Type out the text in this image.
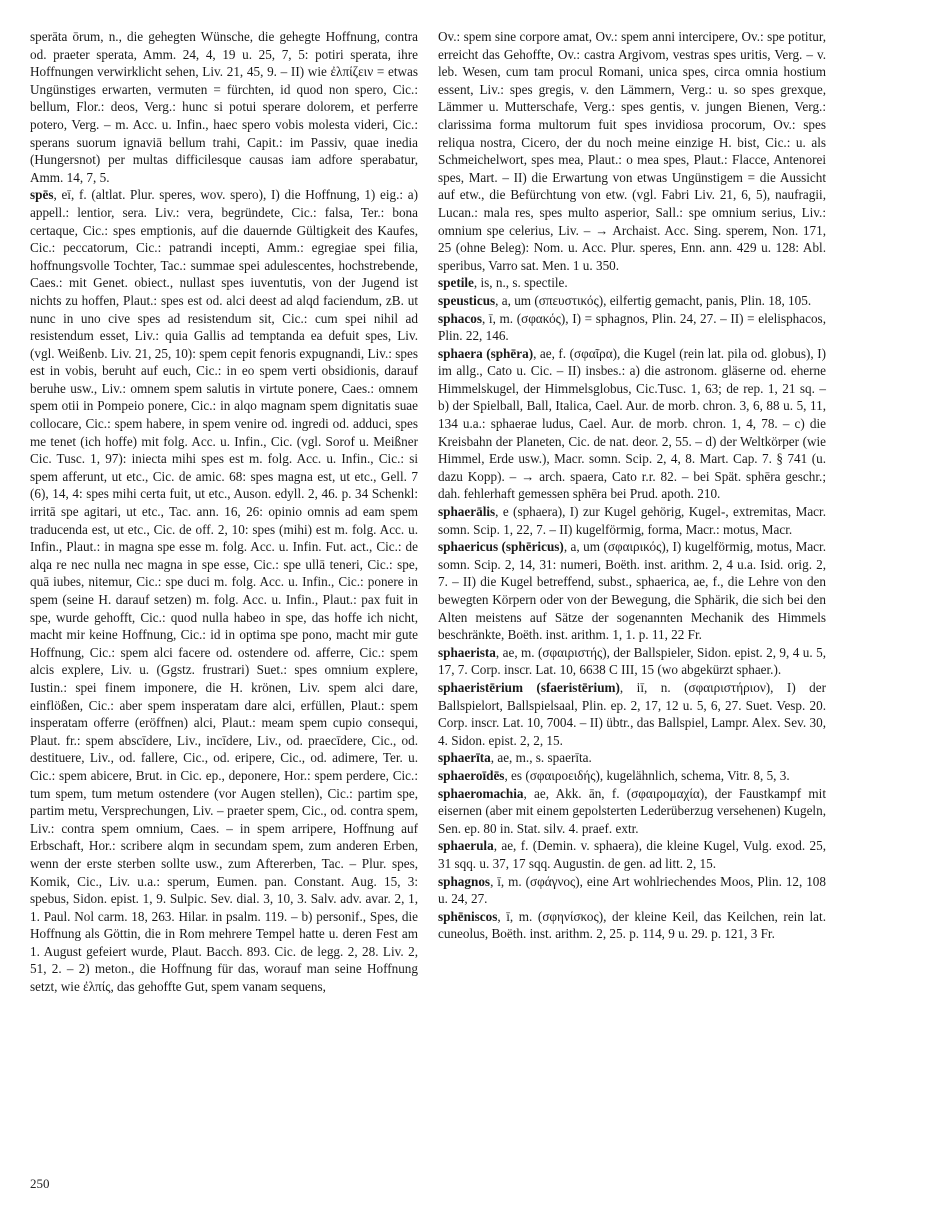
sperāta ōrum, n., die gehegten Wünsche, die gehegte Hoffnung, contra od. praeter sperata, Amm. 24, 4, 19 u. 25, 7, 5: potiri sperata, ihre Hoffnungen verwirklicht sehen, Liv. 21, 45, 9. – II) wie ἐλπίζειν = etwas Ungünstiges erwarten, vermuten = fürchten, id quod non spero, Cic.: bellum, Flor.: deos, Verg.: hunc si potui sperare dolorem, et perferre potero, Verg. – m. Acc. u. Infin., haec spero vobis molesta videri, Cic.: sperans suorum ignaviā bellum trahi, Capit.: im Passiv, quae inedia (Hungersnot) per multas difficilesque causas iam adfore sperabatur, Amm. 14, 7, 5.

spēs, eī, f. (altlat. Plur. speres, wov. spero), I) die Hoffnung, 1) eig.: a) appell.: lentior, sera. Liv.: vera, begründete, Cic.: falsa, Ter.: bona certaque, Cic.: spes emptionis, auf die dauernde Gültigkeit des Kaufes, Cic.: peccatorum, Cic.: patrandi incepti, Amm.: egregiae spei filia, hoffnungsvolle Tochter, Tac.: summae spei adulescentes, hochstrebende, Caes.: mit Genet. obiect., nullast spes iuventutis, von der Jugend ist nichts zu hoffen, Plaut.: spes est od. alci deest ad alqd faciendum, zB. ut nunc in uno cive spes ad resistendum sit, Cic.: cum spei nihil ad resistendum esset, Liv.: quia Gallis ad temptanda ea defuit spes, Liv. (vgl. Weißenb. Liv. 21, 25, 10): spem cepit fenoris expugnandi, Liv.: spes est in vobis, beruht auf euch, Cic.: in eo spem verti obsidionis, darauf beruhe usw., Liv.: omnem spem salutis in virtute ponere, Caes.: omnem spem otii in Pompeio ponere, Cic.: in alqo magnam spem dignitatis suae collocare, Cic.: spem habere, in spem venire od. ingredi od. adduci, spes me tenet (ich hoffe) mit folg. Acc. u. Infin., Cic. (vgl. Sorof u. Meißner Cic. Tusc. 1, 97): iniecta mihi spes est m. folg. Acc. u. Infin., Cic.: si spem afferunt, ut etc., Cic. de amic. 68: spes magna est, ut etc., Gell. 7 (6), 14, 4: spes mihi certa fuit, ut etc., Auson. edyll. 2, 46. p. 34 Schenkl: irritā spe agitari, ut etc., Tac. ann. 16, 26: opinio omnis ad eam spem traducenda est, ut etc., Cic. de off. 2, 10: spes (mihi) est m. folg. Acc. u. Infin., Plaut.: in magna spe esse m. folg. Acc. u. Infin. Fut. act., Cic.: de alqa re nec nulla nec magna in spe esse, Cic.: spe ullā teneri, Cic.: spe, quā iubes, nitemur, Cic.: spe duci m. folg. Acc. u. Infin., Cic.: ponere in spem (seine H. darauf setzen) m. folg. Acc. u. Infin., Plaut.: pax fuit in spe, wurde gehofft, Cic.: quod nulla habeo in spe, das hoffe ich nicht, macht mir keine Hoffnung, Cic.: id in optima spe pono, macht mir gute Hoffnung, Cic.: spem alci facere od. ostendere od. afferre, Cic.: spem alcis explere, Liv. u. (Ggstz. frustrari) Suet.: spes omnium explere, Iustin.: spei finem imponere, die H. krönen, Liv. spem alci dare, einflößen, Cic.: aber spem insperatam dare alci, erfüllen, Plaut.: spem insperatam offerre (eröffnen) alci, Plaut.: meam spem cupio consequi, Plaut. fr.: spem abscīdere, Liv., incīdere, Liv., od. praecīdere, Cic., od. destituere, Liv., od. fallere, Cic., od. eripere, Cic., od. adimere, Ter. u. Cic.: spem abicere, Brut. in Cic. ep., deponere, Hor.: spem perdere, Cic.: tum spem, tum metum ostendere (vor Augen stellen), Cic.: partim spe, partim metu, Versprechungen, Liv. – praeter spem, Cic., od. contra spem, Liv.: contra spem omnium, Caes. – in spem arripere, Hoffnung auf Erbschaft, Hor.: scribere alqm in secundam spem, zum anderen Erben, wenn der erste sterben sollte usw., zum Aftererben, Tac. – Plur. spes, Komik, Cic., Liv. u.a.: sperum, Eumen. pan. Constant. Aug. 15, 3: spebus, Sidon. epist. 1, 9. Sulpic. Sev. dial. 3, 10, 3. Salv. adv. avar. 2, 1, 1. Paul. Nol carm. 18, 263. Hilar. in psalm. 119. – b) personif., Spes, die Hoffnung als Göttin, die in Rom mehrere Tempel hatte u. deren Fest am 1. August gefeiert wurde, Plaut. Bacch. 893. Cic. de legg. 2, 28. Liv. 2, 51, 2. – 2) meton., die Hoffnung für das, worauf man seine Hoffnung setzt, wie ἐλπίς, das gehoffte Gut, spem vanam sequens,

Ov.: spem sine corpore amat, Ov.: spem anni intercipere, Ov.: spe potitur, erreicht das Gehoffte, Ov.: castra Argivom, vestras spes uritis, Verg. – v. leb. Wesen, cum tam procul Romani, unica spes, circa omnia hostium essent, Liv.: spes gregis, v. den Lämmern, Verg.: u. so spes grexque, Lämmer u. Mutterschafe, Verg.: spes gentis, v. jungen Bienen, Verg.: clarissima forma multorum fuit spes invidiosa procorum, Ov.: spes reliqua nostra, Cicero, der du noch meine einzige H. bist, Cic.: u. als Schmeichelwort, spes mea, Plaut.: o mea spes, Plaut.: Flacce, Antenorei spes, Mart. – II) die Erwartung von etwas Ungünstigem = die Aussicht auf etw., die Befürchtung von etw. (vgl. Fabri Liv. 21, 6, 5), naufragii, Lucan.: mala res, spes multo asperior, Sall.: spe omnium serius, Liv.: omnium spe celerius, Liv. – → Archaist. Acc. Sing. sperem, Non. 171, 25 (ohne Beleg): Nom. u. Acc. Plur. speres, Enn. ann. 429 u. 128: Abl. speribus, Varro sat. Men. 1 u. 350.

spetile, is, n., s. spectile.

speusticus, a, um (σπευστικός), eilfertig gemacht, panis, Plin. 18, 105.

sphacos, ī, m. (σφακός), I) = sphagnos, Plin. 24, 27. – II) = elelisphacos, Plin. 22, 146.

sphaera (sphēra), ae, f. (σφαῖρα), die Kugel (rein lat. pila od. globus), I) im allg., Cato u. Cic. – II) insbes.: a) die astronom. gläserne od. eherne Himmelskugel, der Himmelsglobus, Cic.Tusc. 1, 63; de rep. 1, 21 sq. – b) der Spielball, Ball, Italica, Cael. Aur. de morb. chron. 3, 6, 88 u. 5, 11, 134 u.a.: sphaerae ludus, Cael. Aur. de morb. chron. 1, 4, 78. – c) die Kreisbahn der Planeten, Cic. de nat. deor. 2, 55. – d) der Weltkörper (wie Himmel, Erde usw.), Macr. somn. Scip. 2, 4, 8. Mart. Cap. 7. § 741 (u. dazu Kopp). – → arch. spaera, Cato r.r. 82. – bei Spät. sphēra geschr.; dah. fehlerhaft gemessen sphēra bei Prud. apoth. 210.

sphaerālis, e (sphaera), I) zur Kugel gehörig, Kugel-, extremitas, Macr. somn. Scip. 1, 22, 7. – II) kugelförmig, forma, Macr.: motus, Macr.

sphaericus (sphēricus), a, um (σφαιρικός), I) kugelförmig, motus, Macr. somn. Scip. 2, 14, 31: numeri, Boëth. inst. arithm. 2, 4 u.a. Isid. orig. 2, 7. – II) die Kugel betreffend, subst., sphaerica, ae, f., die Lehre von den bewegten Körpern oder von der Bewegung, die Sphärik, die sich bei den Alten meistens auf Sätze der sogenannten Mechanik des Himmels beschränkte, Boëth. inst. arithm. 1, 1. p. 11, 22 Fr.

sphaerista, ae, m. (σφαιριστής), der Ballspieler, Sidon. epist. 2, 9, 4 u. 5, 17, 7. Corp. inscr. Lat. 10, 6638 C III, 15 (wo abgekürzt sphaer.).

sphaeristērium (sfaeristērium), iī, n. (σφαιριστήριον), I) der Ballspielort, Ballspielsaal, Plin. ep. 2, 17, 12 u. 5, 6, 27. Suet. Vesp. 20. Corp. inscr. Lat. 10, 7004. – II) übtr., das Ballspiel, Lampr. Alex. Sev. 30, 4. Sidon. epist. 2, 2, 15.

sphaerīta, ae, m., s. spaerīta.

sphaeroīdēs, es (σφαιροειδής), kugelähnlich, schema, Vitr. 8, 5, 3.

sphaeromachia, ae, Akk. ān, f. (σφαιρομαχία), der Faustkampf mit eisernen (aber mit einem gepolsterten Lederüberzug versehenen) Kugeln, Sen. ep. 80 in. Stat. silv. 4. praef. extr.

sphaerula, ae, f. (Demin. v. sphaera), die kleine Kugel, Vulg. exod. 25, 31 sqq. u. 37, 17 sqq. Augustin. de gen. ad litt. 2, 15.

sphagnos, ī, m. (σφάγνος), eine Art wohlriechendes Moos, Plin. 12, 108 u. 24, 27.

sphēniscos, ī, m. (σφηνίσκος), der kleine Keil, das Keilchen, rein lat. cuneolus, Boëth. inst. arithm. 2, 25. p. 114, 9 u. 29. p. 121, 3 Fr.

250
